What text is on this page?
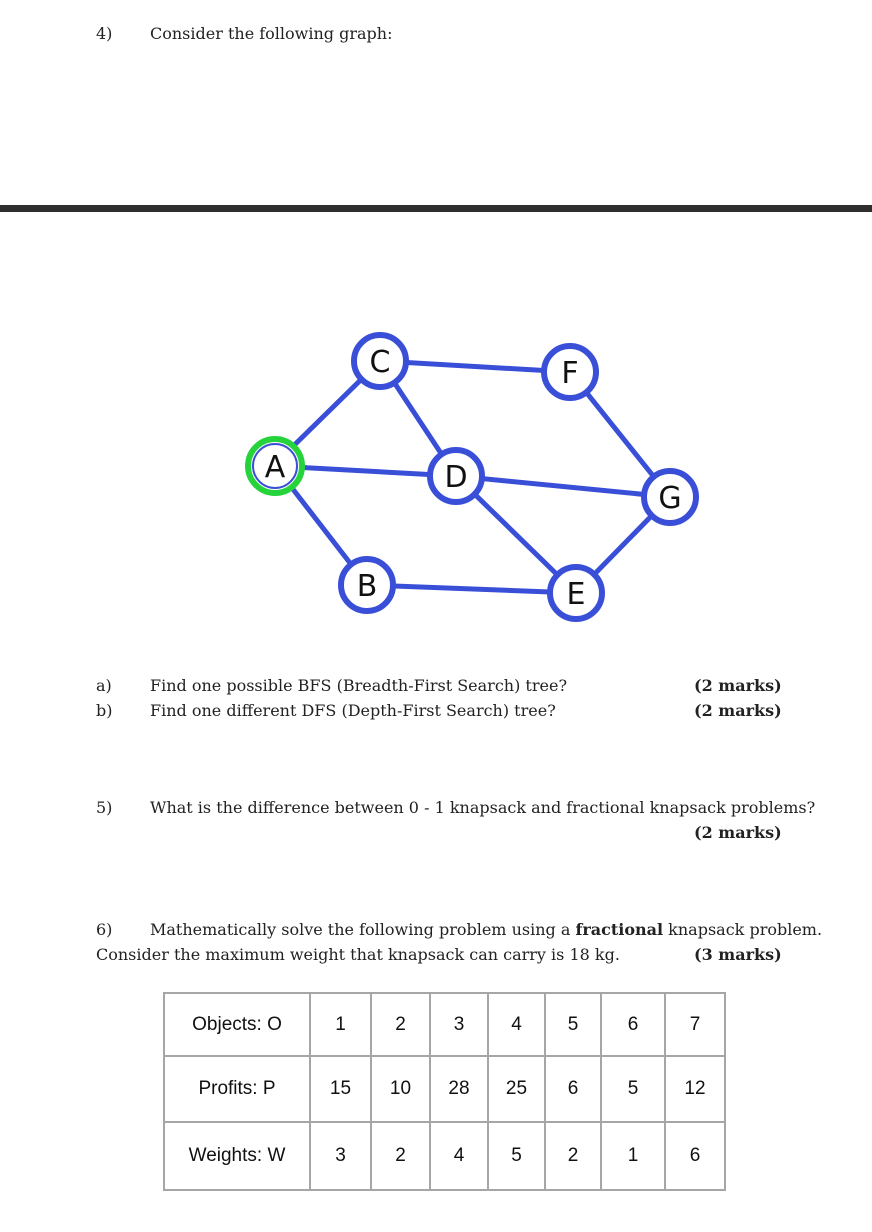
4) Consider the following graph:
A
B
C
D
E
F
G
a) Find one possible BFS (Breadth-First Search) tree?	(2 marks)
b) Find one different DFS (Depth-First Search) tree?	(2 marks)
5) What is the difference between 0 - 1 knapsack and fractional knapsack problems?
(2 marks)
6) Mathematically solve the following problem using a fractional knapsack problem.
Consider the maximum weight that knapsack can carry is 18 kg.	(3 marks)
Objects: O	1	2	3	4	5	6	7
Profits: P	15	10	28	25	6	5	12
Weights: W	3	2	4	5	2	1	6
